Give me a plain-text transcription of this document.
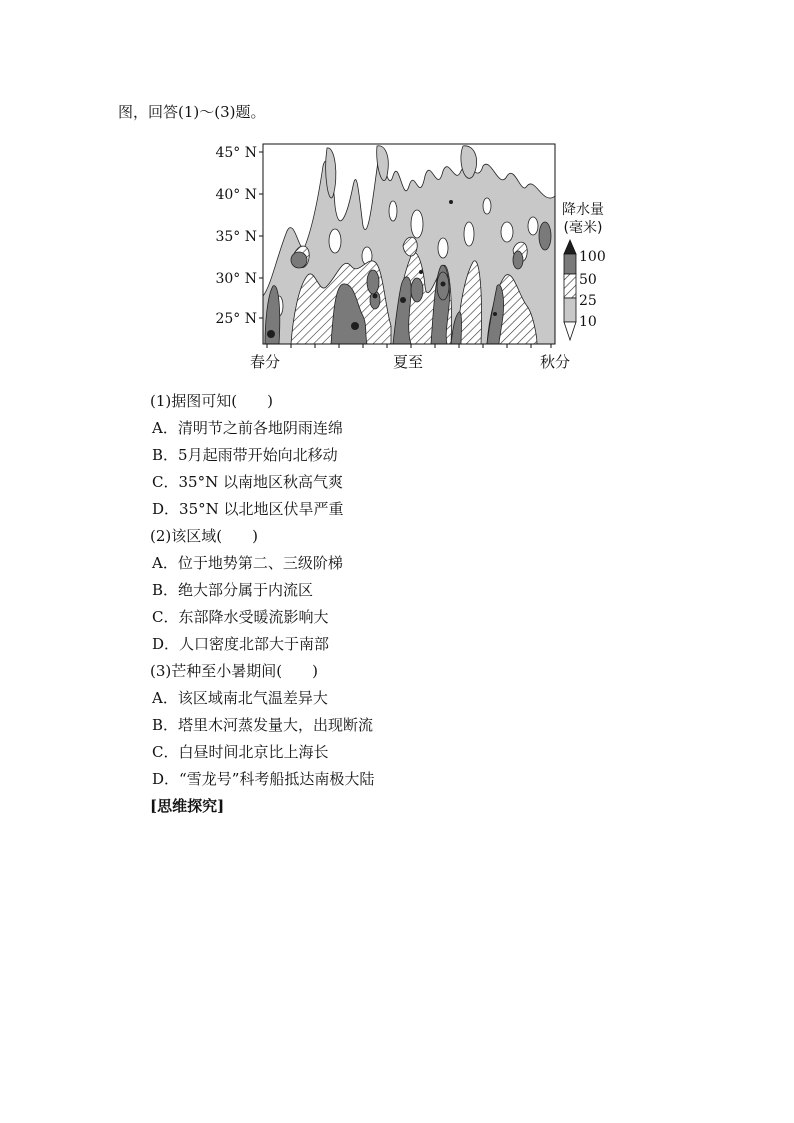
图，回答(1)～(3)题。
45° N
40° N
35° N
30° N
25° N
春分	夏至	秋分
降水量
(毫米)
100
50
25
10
(1)据图可知(　　)
A．清明节之前各地阴雨连绵
B．5月起雨带开始向北移动
C．35°N 以南地区秋高气爽
D．35°N 以北地区伏旱严重
(2)该区域(　　)
A．位于地势第二、三级阶梯
B．绝大部分属于内流区
C．东部降水受暖流影响大
D．人口密度北部大于南部
(3)芒种至小暑期间(　　)
A．该区域南北气温差异大
B．塔里木河蒸发量大，出现断流
C．白昼时间北京比上海长
D．“雪龙号”科考船抵达南极大陆
[思维探究]
